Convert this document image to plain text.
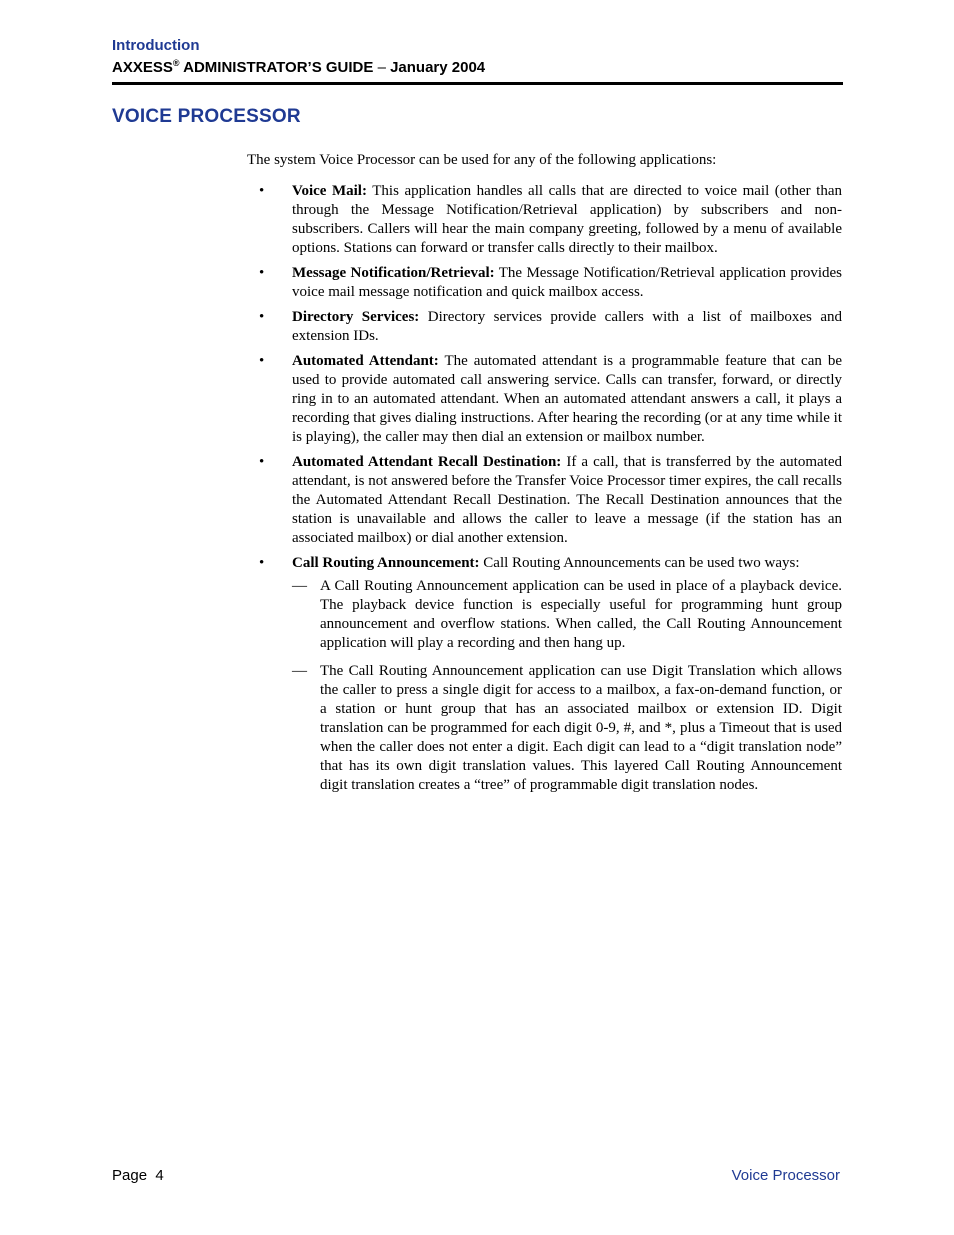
Introduction
AXXESS® ADMINISTRATOR’S GUIDE – January 2004
VOICE PROCESSOR

The system Voice Processor can be used for any of the following applications:

• Voice Mail: This application handles all calls that are directed to voice mail (other than through the Message Notification/Retrieval application) by subscribers and non-subscribers. Callers will hear the main company greeting, followed by a menu of available options. Stations can forward or transfer calls directly to their mailbox.
• Message Notification/Retrieval: The Message Notification/Retrieval application provides voice mail message notification and quick mailbox access.
• Directory Services: Directory services provide callers with a list of mailboxes and extension IDs.
• Automated Attendant: The automated attendant is a programmable feature that can be used to provide automated call answering service. Calls can transfer, forward, or directly ring in to an automated attendant. When an automated attendant answers a call, it plays a recording that gives dialing instructions. After hearing the recording (or at any time while it is playing), the caller may then dial an extension or mailbox number.
• Automated Attendant Recall Destination: If a call, that is transferred by the automated attendant, is not answered before the Transfer Voice Processor timer expires, the call recalls the Automated Attendant Recall Destination. The Recall Destination announces that the station is unavailable and allows the caller to leave a message (if the station has an associated mailbox) or dial another extension.
• Call Routing Announcement: Call Routing Announcements can be used two ways:
— A Call Routing Announcement application can be used in place of a playback device. The playback device function is especially useful for programming hunt group announcement and overflow stations. When called, the Call Routing Announcement application will play a recording and then hang up.
— The Call Routing Announcement application can use Digit Translation which allows the caller to press a single digit for access to a mailbox, a fax-on-demand function, or a station or hunt group that has an associated mailbox or extension ID. Digit translation can be programmed for each digit 0-9, #, and *, plus a Timeout that is used when the caller does not enter a digit. Each digit can lead to a “digit translation node” that has its own digit translation values. This layered Call Routing Announcement digit translation creates a “tree” of programmable digit translation nodes.
Page  4	Voice Processor
